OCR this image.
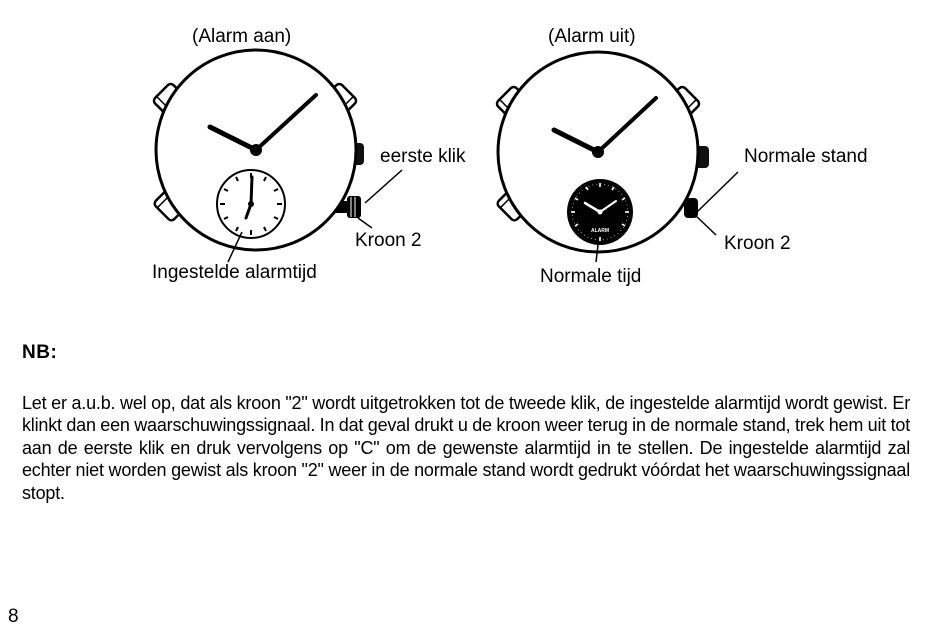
ALARM
(Alarm aan)
eerste klik
Kroon 2
Ingestelde alarmtijd
(Alarm uit)
Normale stand
Kroon 2
Normale tijd
NB:
Let er a.u.b. wel op, dat als kroon "2" wordt uitgetrokken tot de tweede klik, de ingestelde alarmtijd wordt gewist. Er klinkt dan een waarschuwingssignaal. In dat geval drukt u de kroon weer terug in de normale stand, trek hem uit tot aan de eerste klik en druk vervolgens op "C" om de gewenste alarmtijd in te stellen. De ingestelde alarmtijd zal echter niet worden gewist als kroon "2" weer in de normale stand wordt gedrukt vóórdat het waarschuwingssignaal stopt.
8
